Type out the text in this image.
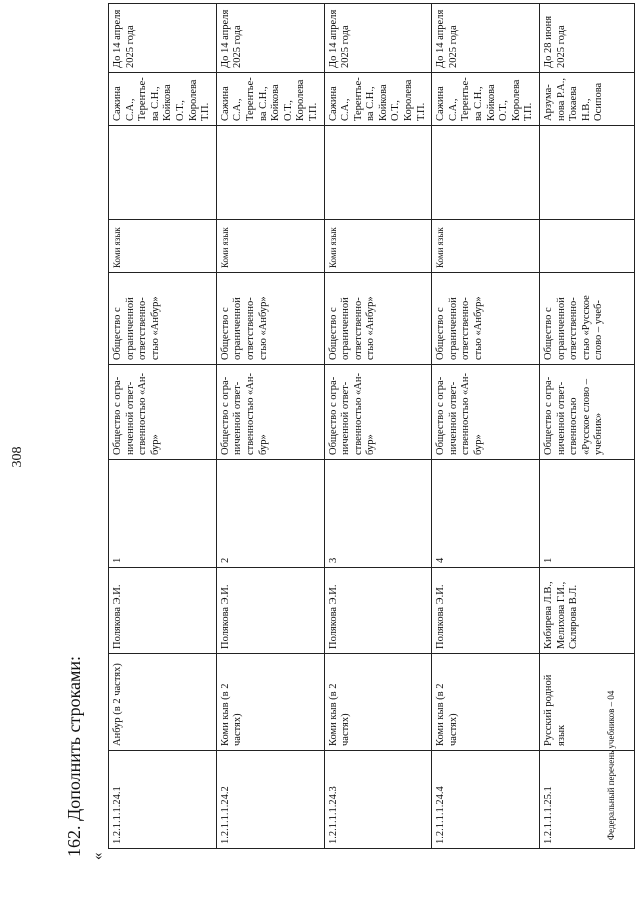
308
162. Дополнить строками: «
1.2.1.1.1.24.1	Анбур (в 2 частях)	Полякова Э.И.	1	Общество с огра-ниченной ответ-ственностью «Ан-бур»	Общество с ограниченной ответственно-стью «Анбур»	Коми язык		Сажина С.А., Терентье-ва С.Н., Койкова О.Т., Королева Т.П.	До 14 апреля 2025 года
1.2.1.1.1.24.2	Коми кыв (в 2 частях)	Полякова Э.И.	2	Общество с огра-ниченной ответ-ственностью «Ан-бур»	Общество с ограниченной ответственно-стью «Анбур»	Коми язык		Сажина С.А., Терентье-ва С.Н., Койкова О.Т., Королева Т.П.	До 14 апреля 2025 года
1.2.1.1.1.24.3	Коми кыв (в 2 частях)	Полякова Э.И.	3	Общество с огра-ниченной ответ-ственностью «Ан-бур»	Общество с ограниченной ответственно-стью «Анбур»	Коми язык		Сажина С.А., Терентье-ва С.Н., Койкова О.Т., Королева Т.П.	До 14 апреля 2025 года
1.2.1.1.1.24.4	Коми кыв (в 2 частях)	Полякова Э.И.	4	Общество с огра-ниченной ответ-ственностью «Ан-бур»	Общество с ограниченной ответственно-стью «Анбур»	Коми язык		Сажина С.А., Терентье-ва С.Н., Койкова О.Т., Королева Т.П.	До 14 апреля 2025 года
1.2.1.1.1.25.1	Русский родной язык	Кибирева Л.В., Мелихова Г.И., Склярова В.Л.	1	Общество с огра-ниченной ответ-ственностью «Русское слово – учебник»	Общество с ограниченной ответственно-стью «Русское слово – учеб-			Арзума-нова Р.А., Токаева Н.В., Осипова	До 28 июня 2025 года
Федеральный перечень учебников – 04
